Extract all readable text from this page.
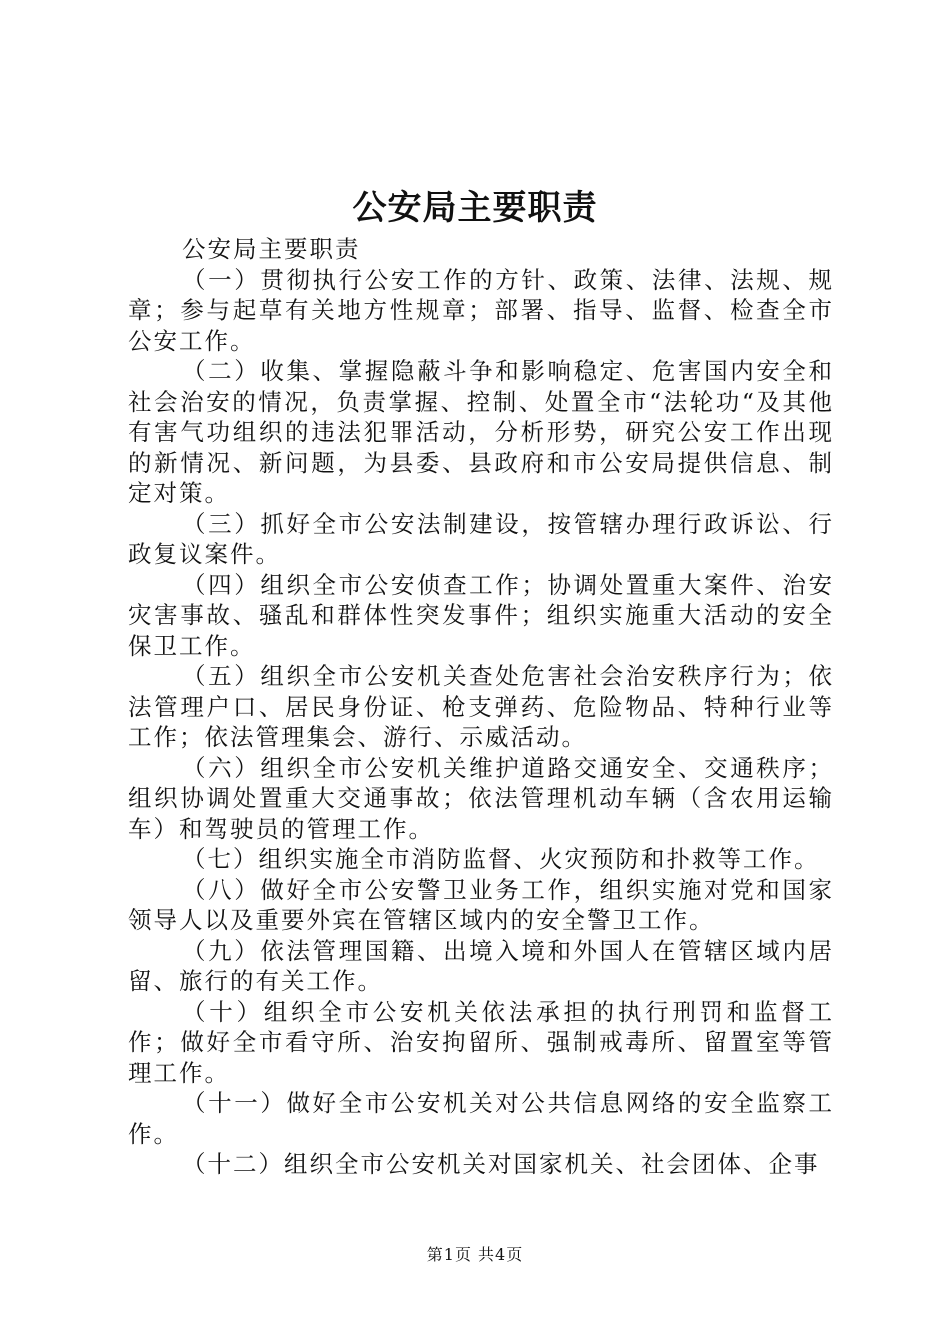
公安局主要职责

公安局主要职责

（一）贯彻执行公安工作的方针、政策、法律、法规、规章；参与起草有关地方性规章；部署、指导、监督、检查全市公安工作。

（二）收集、掌握隐蔽斗争和影响稳定、危害国内安全和社会治安的情况，负责掌握、控制、处置全市“法轮功“及其他有害气功组织的违法犯罪活动，分析形势，研究公安工作出现的新情况、新问题，为县委、县政府和市公安局提供信息、制定对策。

（三）抓好全市公安法制建设，按管辖办理行政诉讼、行政复议案件。

（四）组织全市公安侦查工作；协调处置重大案件、治安灾害事故、骚乱和群体性突发事件；组织实施重大活动的安全保卫工作。

（五）组织全市公安机关查处危害社会治安秩序行为；依法管理户口、居民身份证、枪支弹药、危险物品、特种行业等工作；依法管理集会、游行、示威活动。

（六）组织全市公安机关维护道路交通安全、交通秩序；组织协调处置重大交通事故；依法管理机动车辆（含农用运输车）和驾驶员的管理工作。

（七）组织实施全市消防监督、火灾预防和扑救等工作。

（八）做好全市公安警卫业务工作，组织实施对党和国家领导人以及重要外宾在管辖区域内的安全警卫工作。

（九）依法管理国籍、出境入境和外国人在管辖区域内居留、旅行的有关工作。

（十）组织全市公安机关依法承担的执行刑罚和监督工作；做好全市看守所、治安拘留所、强制戒毒所、留置室等管理工作。

（十一）做好全市公安机关对公共信息网络的安全监察工作。

（十二）组织全市公安机关对国家机关、社会团体、企事

第1页 共4页
